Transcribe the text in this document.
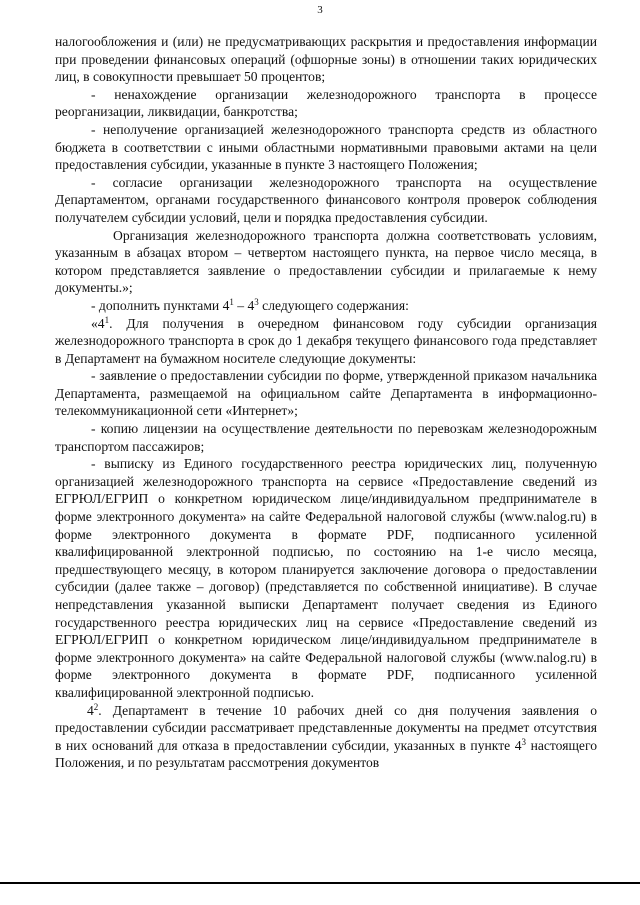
3

налогообложения и (или) не предусматривающих раскрытия и предоставления информации при проведении финансовых операций (офшорные зоны) в отношении таких юридических лиц, в совокупности превышает 50 процентов;

- ненахождение организации железнодорожного транспорта в процессе реорганизации, ликвидации, банкротства;

- неполучение организацией железнодорожного транспорта средств из областного бюджета в соответствии с иными областными нормативными правовыми актами на цели предоставления субсидии, указанные в пункте 3 настоящего Положения;

- согласие организации железнодорожного транспорта на осуществление Департаментом, органами государственного финансового контроля проверок соблюдения получателем субсидии условий, цели и порядка предоставления субсидии.

Организация железнодорожного транспорта должна соответствовать условиям, указанным в абзацах втором – четвертом настоящего пункта, на первое число месяца, в котором представляется заявление о предоставлении субсидии и прилагаемые к нему документы.»;

- дополнить пунктами $4^1 - 4^3$ следующего содержания:

«$4^1$. Для получения в очередном финансовом году субсидии организация железнодорожного транспорта в срок до 1 декабря текущего финансового года представляет в Департамент на бумажном носителе следующие документы:

- заявление о предоставлении субсидии по форме, утвержденной приказом начальника Департамента, размещаемой на официальном сайте Департамента в информационно-телекоммуникационной сети «Интернет»;

- копию лицензии на осуществление деятельности по перевозкам железнодорожным транспортом пассажиров;

- выписку из Единого государственного реестра юридических лиц, полученную организацией железнодорожного транспорта на сервисе «Предоставление сведений из ЕГРЮЛ/ЕГРИП о конкретном юридическом лице/индивидуальном предпринимателе в форме электронного документа» на сайте Федеральной налоговой службы (www.nalog.ru) в форме электронного документа в формате PDF, подписанного усиленной квалифицированной электронной подписью, по состоянию на 1-е число месяца, предшествующего месяцу, в котором планируется заключение договора о предоставлении субсидии (далее также – договор) (представляется по собственной инициативе). В случае непредставления указанной выписки Департамент получает сведения из Единого государственного реестра юридических лиц на сервисе «Предоставление сведений из ЕГРЮЛ/ЕГРИП о конкретном юридическом лице/индивидуальном предпринимателе в форме электронного документа» на сайте Федеральной налоговой службы (www.nalog.ru) в форме электронного документа в формате PDF, подписанного усиленной квалифицированной электронной подписью.

$4^2$. Департамент в течение 10 рабочих дней со дня получения заявления о предоставлении субсидии рассматривает представленные документы на предмет отсутствия в них оснований для отказа в предоставлении субсидии, указанных в пункте $4^3$ настоящего Положения, и по результатам рассмотрения документов
